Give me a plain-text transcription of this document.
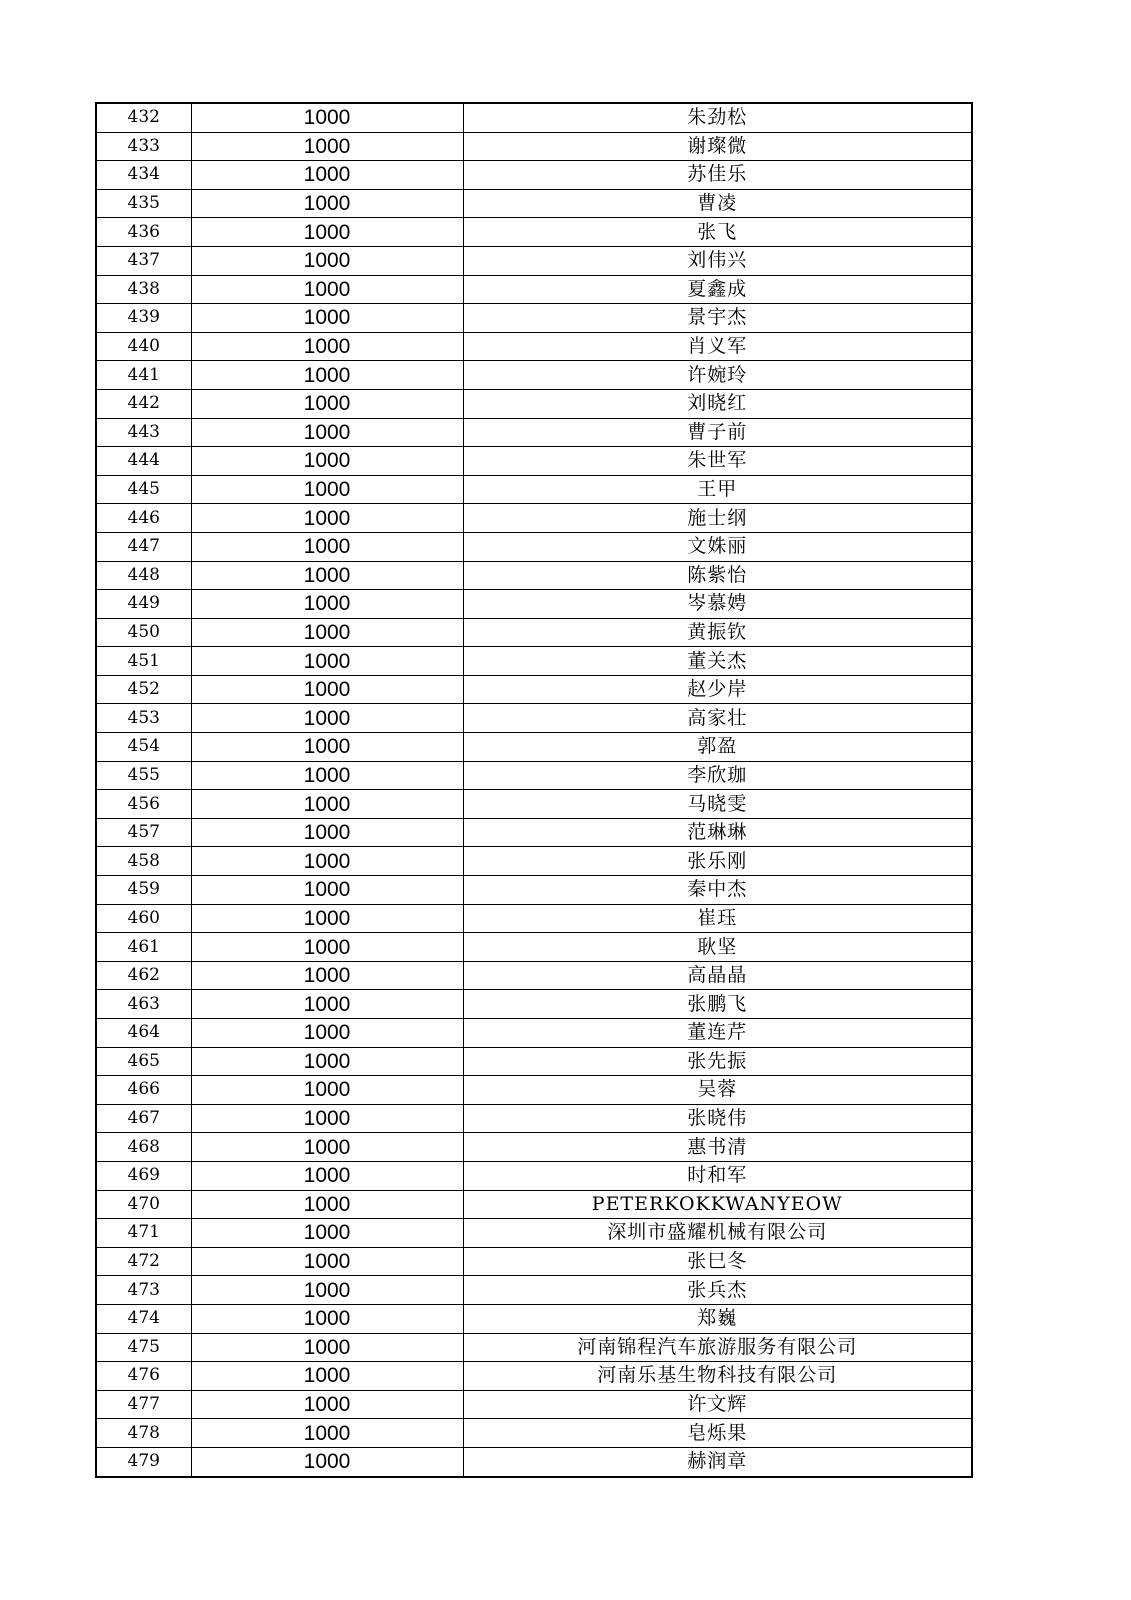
432	1000	朱劲松
433	1000	谢璨微
434	1000	苏佳乐
435	1000	曹凌
436	1000	张飞
437	1000	刘伟兴
438	1000	夏鑫成
439	1000	景宇杰
440	1000	肖义军
441	1000	许婉玲
442	1000	刘晓红
443	1000	曹子前
444	1000	朱世军
445	1000	王甲
446	1000	施士纲
447	1000	文姝丽
448	1000	陈紫怡
449	1000	岑慕娉
450	1000	黄振钦
451	1000	董关杰
452	1000	赵少岸
453	1000	高家壮
454	1000	郭盈
455	1000	李欣珈
456	1000	马晓雯
457	1000	范琳琳
458	1000	张乐刚
459	1000	秦中杰
460	1000	崔珏
461	1000	耿坚
462	1000	高晶晶
463	1000	张鹏飞
464	1000	董连芹
465	1000	张先振
466	1000	吴蓉
467	1000	张晓伟
468	1000	惠书清
469	1000	时和军
470	1000	PETERKOKKWANYEOW
471	1000	深圳市盛耀机械有限公司
472	1000	张巳冬
473	1000	张兵杰
474	1000	郑巍
475	1000	河南锦程汽车旅游服务有限公司
476	1000	河南乐基生物科技有限公司
477	1000	许文辉
478	1000	皂烁果
479	1000	赫润章
